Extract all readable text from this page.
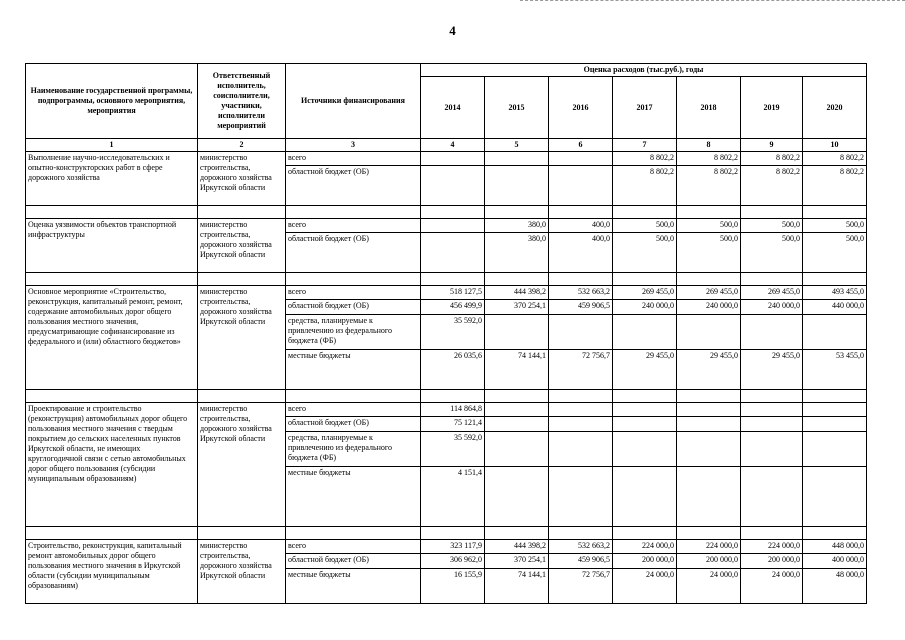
4
Наименование государственной программы, подпрограммы, основного мероприятия, мероприятия	Ответственный исполнитель, соисполнители, участники, исполнители мероприятий	Источники финансирования	Оценка расходов (тыс.руб.), годы						
			2014	2015	2016	2017	2018	2019	2020
1	2	3	4	5	6	7	8	9	10
Выполнение научно-исследовательских и опытно-конструкторских работ в сфере дорожного хозяйства	министерство строительства, дорожного хозяйства Иркутской области	всего				8 802,2	8 802,2	8 802,2	8 802,2
		областной бюджет (ОБ)				8 802,2	8 802,2	8 802,2	8 802,2

Оценка уязвимости объектов транспортной инфраструктуры	министерство строительства, дорожного хозяйства Иркутской области	всего		380,0	400,0	500,0	500,0	500,0	500,0
		областной бюджет (ОБ)		380,0	400,0	500,0	500,0	500,0	500,0

Основное мероприятие «Строительство, реконструкция, капитальный ремонт, ремонт, содержание автомобильных дорог общего пользования местного значения, предусматривающие софинансирование из федерального и (или) областного бюджетов»	министерство строительства, дорожного хозяйства Иркутской области	всего	518 127,5	444 398,2	532 663,2	269 455,0	269 455,0	269 455,0	493 455,0
		областной бюджет (ОБ)	456 499,9	370 254,1	459 906,5	240 000,0	240 000,0	240 000,0	440 000,0
		средства, планируемые к привлечению из федерального бюджета (ФБ)	35 592,0						
		местные бюджеты	26 035,6	74 144,1	72 756,7	29 455,0	29 455,0	29 455,0	53 455,0

Проектирование и строительство (реконструкция) автомобильных дорог общего пользования местного значения с твердым покрытием до сельских населенных пунктов Иркутской области, не имеющих круглогодичной связи с сетью автомобильных дорог общего пользования (субсидии муниципальным образованиям)	министерство строительства, дорожного хозяйства Иркутской области	всего	114 864,8						
		областной бюджет (ОБ)	75 121,4						
		средства, планируемые к привлечению из федерального бюджета (ФБ)	35 592,0						
		местные бюджеты	4 151,4						

Строительство, реконструкция, капитальный ремонт автомобильных дорог общего пользования местного значения в Иркутской области (субсидии муниципальным образованиям)	министерство строительства, дорожного хозяйства Иркутской области	всего	323 117,9	444 398,2	532 663,2	224 000,0	224 000,0	224 000,0	448 000,0
		областной бюджет (ОБ)	306 962,0	370 254,1	459 906,5	200 000,0	200 000,0	200 000,0	400 000,0
		местные бюджеты	16 155,9	74 144,1	72 756,7	24 000,0	24 000,0	24 000,0	48 000,0
